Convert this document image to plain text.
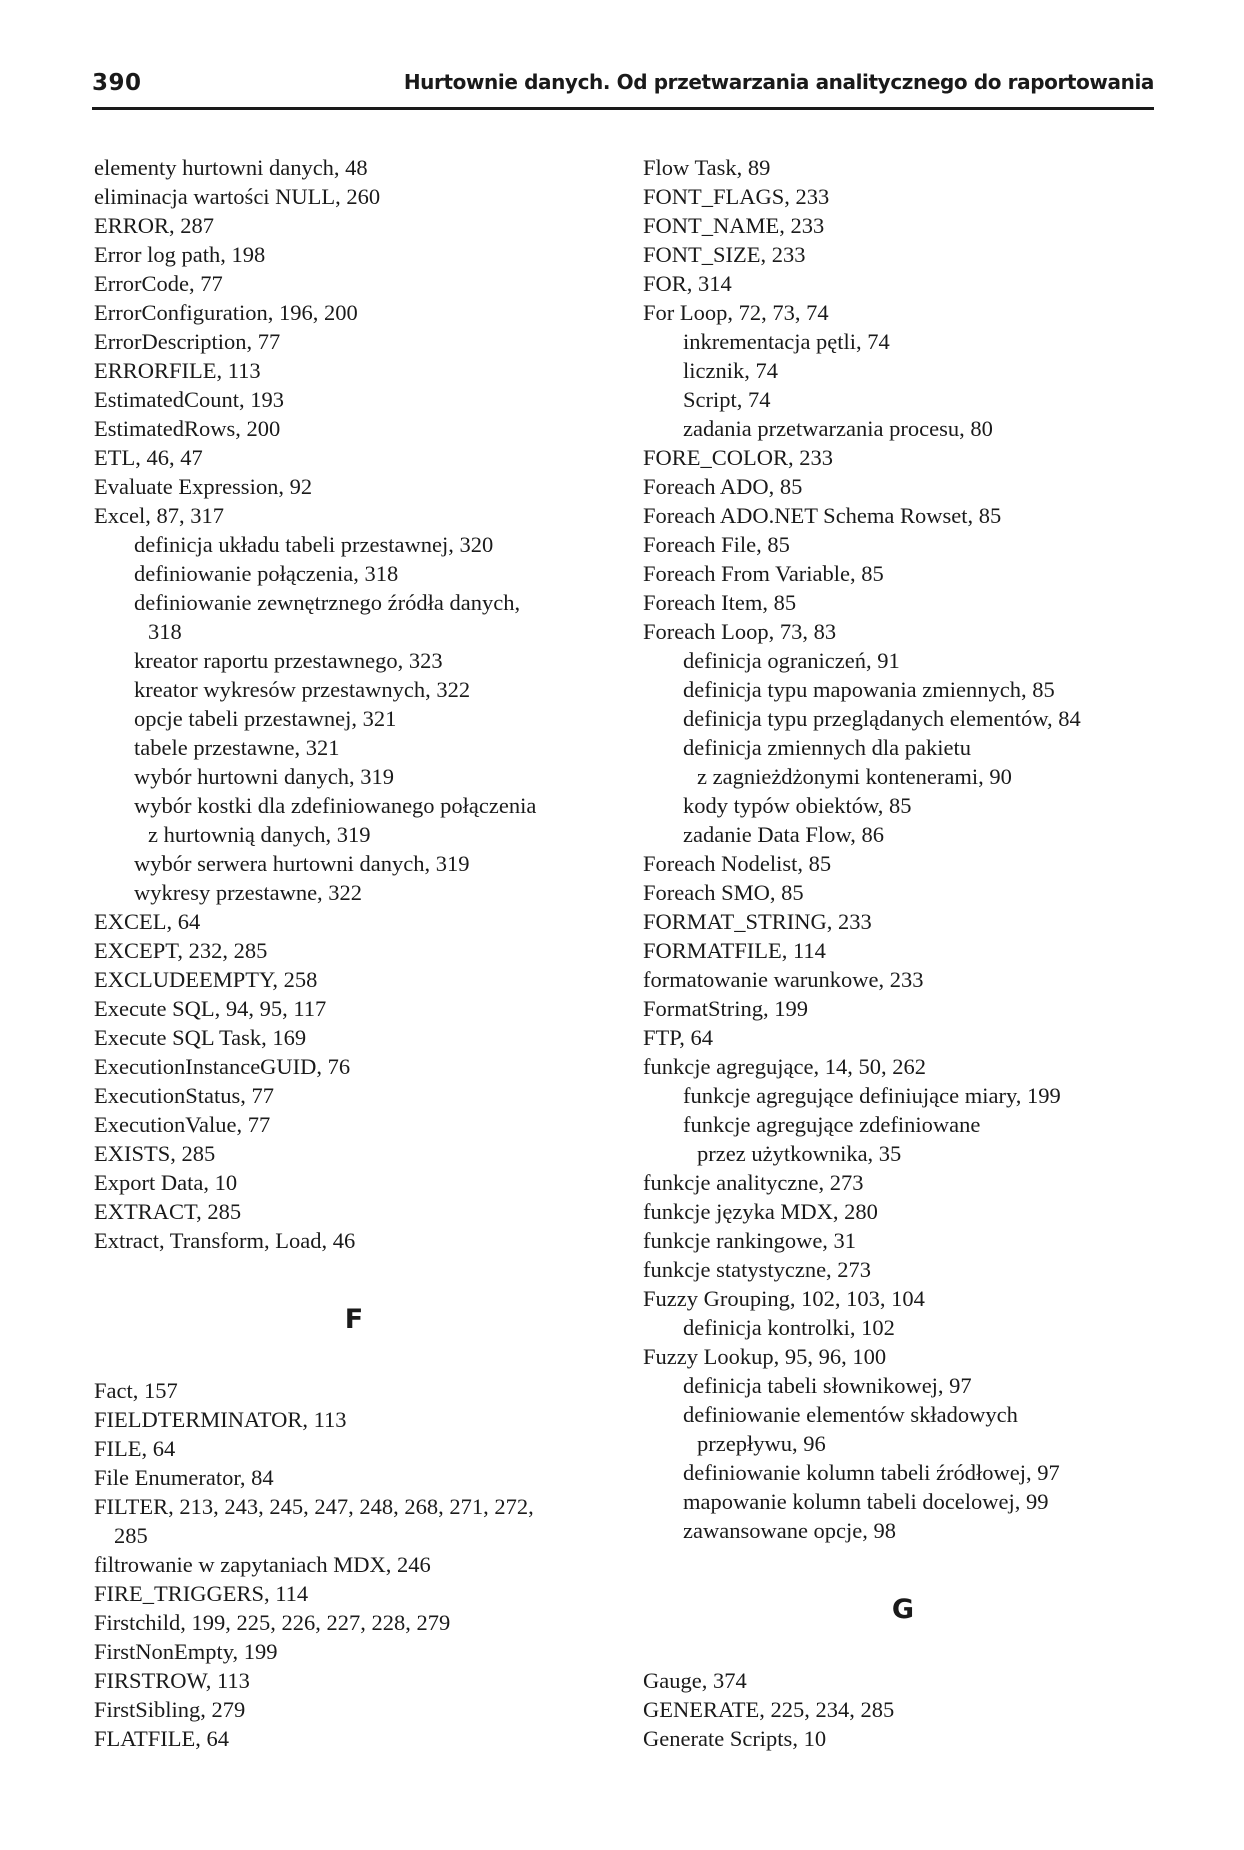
390	Hurtownie danych. Od przetwarzania analitycznego do raportowania
elementy hurtowni danych, 48
eliminacja wartości NULL, 260
ERROR, 287
Error log path, 198
ErrorCode, 77
ErrorConfiguration, 196, 200
ErrorDescription, 77
ERRORFILE, 113
EstimatedCount, 193
EstimatedRows, 200
ETL, 46, 47
Evaluate Expression, 92
Excel, 87, 317
definicja układu tabeli przestawnej, 320
definiowanie połączenia, 318
definiowanie zewnętrznego źródła danych,
318
kreator raportu przestawnego, 323
kreator wykresów przestawnych, 322
opcje tabeli przestawnej, 321
tabele przestawne, 321
wybór hurtowni danych, 319
wybór kostki dla zdefiniowanego połączenia
z hurtownią danych, 319
wybór serwera hurtowni danych, 319
wykresy przestawne, 322
EXCEL, 64
EXCEPT, 232, 285
EXCLUDEEMPTY, 258
Execute SQL, 94, 95, 117
Execute SQL Task, 169
ExecutionInstanceGUID, 76
ExecutionStatus, 77
ExecutionValue, 77
EXISTS, 285
Export Data, 10
EXTRACT, 285
Extract, Transform, Load, 46
F
Fact, 157
FIELDTERMINATOR, 113
FILE, 64
File Enumerator, 84
FILTER, 213, 243, 245, 247, 248, 268, 271, 272,
285
filtrowanie w zapytaniach MDX, 246
FIRE_TRIGGERS, 114
Firstchild, 199, 225, 226, 227, 228, 279
FirstNonEmpty, 199
FIRSTROW, 113
FirstSibling, 279
FLATFILE, 64
Flow Task, 89
FONT_FLAGS, 233
FONT_NAME, 233
FONT_SIZE, 233
FOR, 314
For Loop, 72, 73, 74
inkrementacja pętli, 74
licznik, 74
Script, 74
zadania przetwarzania procesu, 80
FORE_COLOR, 233
Foreach ADO, 85
Foreach ADO.NET Schema Rowset, 85
Foreach File, 85
Foreach From Variable, 85
Foreach Item, 85
Foreach Loop, 73, 83
definicja ograniczeń, 91
definicja typu mapowania zmiennych, 85
definicja typu przeglądanych elementów, 84
definicja zmiennych dla pakietu
z zagnieżdżonymi kontenerami, 90
kody typów obiektów, 85
zadanie Data Flow, 86
Foreach Nodelist, 85
Foreach SMO, 85
FORMAT_STRING, 233
FORMATFILE, 114
formatowanie warunkowe, 233
FormatString, 199
FTP, 64
funkcje agregujące, 14, 50, 262
funkcje agregujące definiujące miary, 199
funkcje agregujące zdefiniowane
przez użytkownika, 35
funkcje analityczne, 273
funkcje języka MDX, 280
funkcje rankingowe, 31
funkcje statystyczne, 273
Fuzzy Grouping, 102, 103, 104
definicja kontrolki, 102
Fuzzy Lookup, 95, 96, 100
definicja tabeli słownikowej, 97
definiowanie elementów składowych
przepływu, 96
definiowanie kolumn tabeli źródłowej, 97
mapowanie kolumn tabeli docelowej, 99
zawansowane opcje, 98
G
Gauge, 374
GENERATE, 225, 234, 285
Generate Scripts, 10
